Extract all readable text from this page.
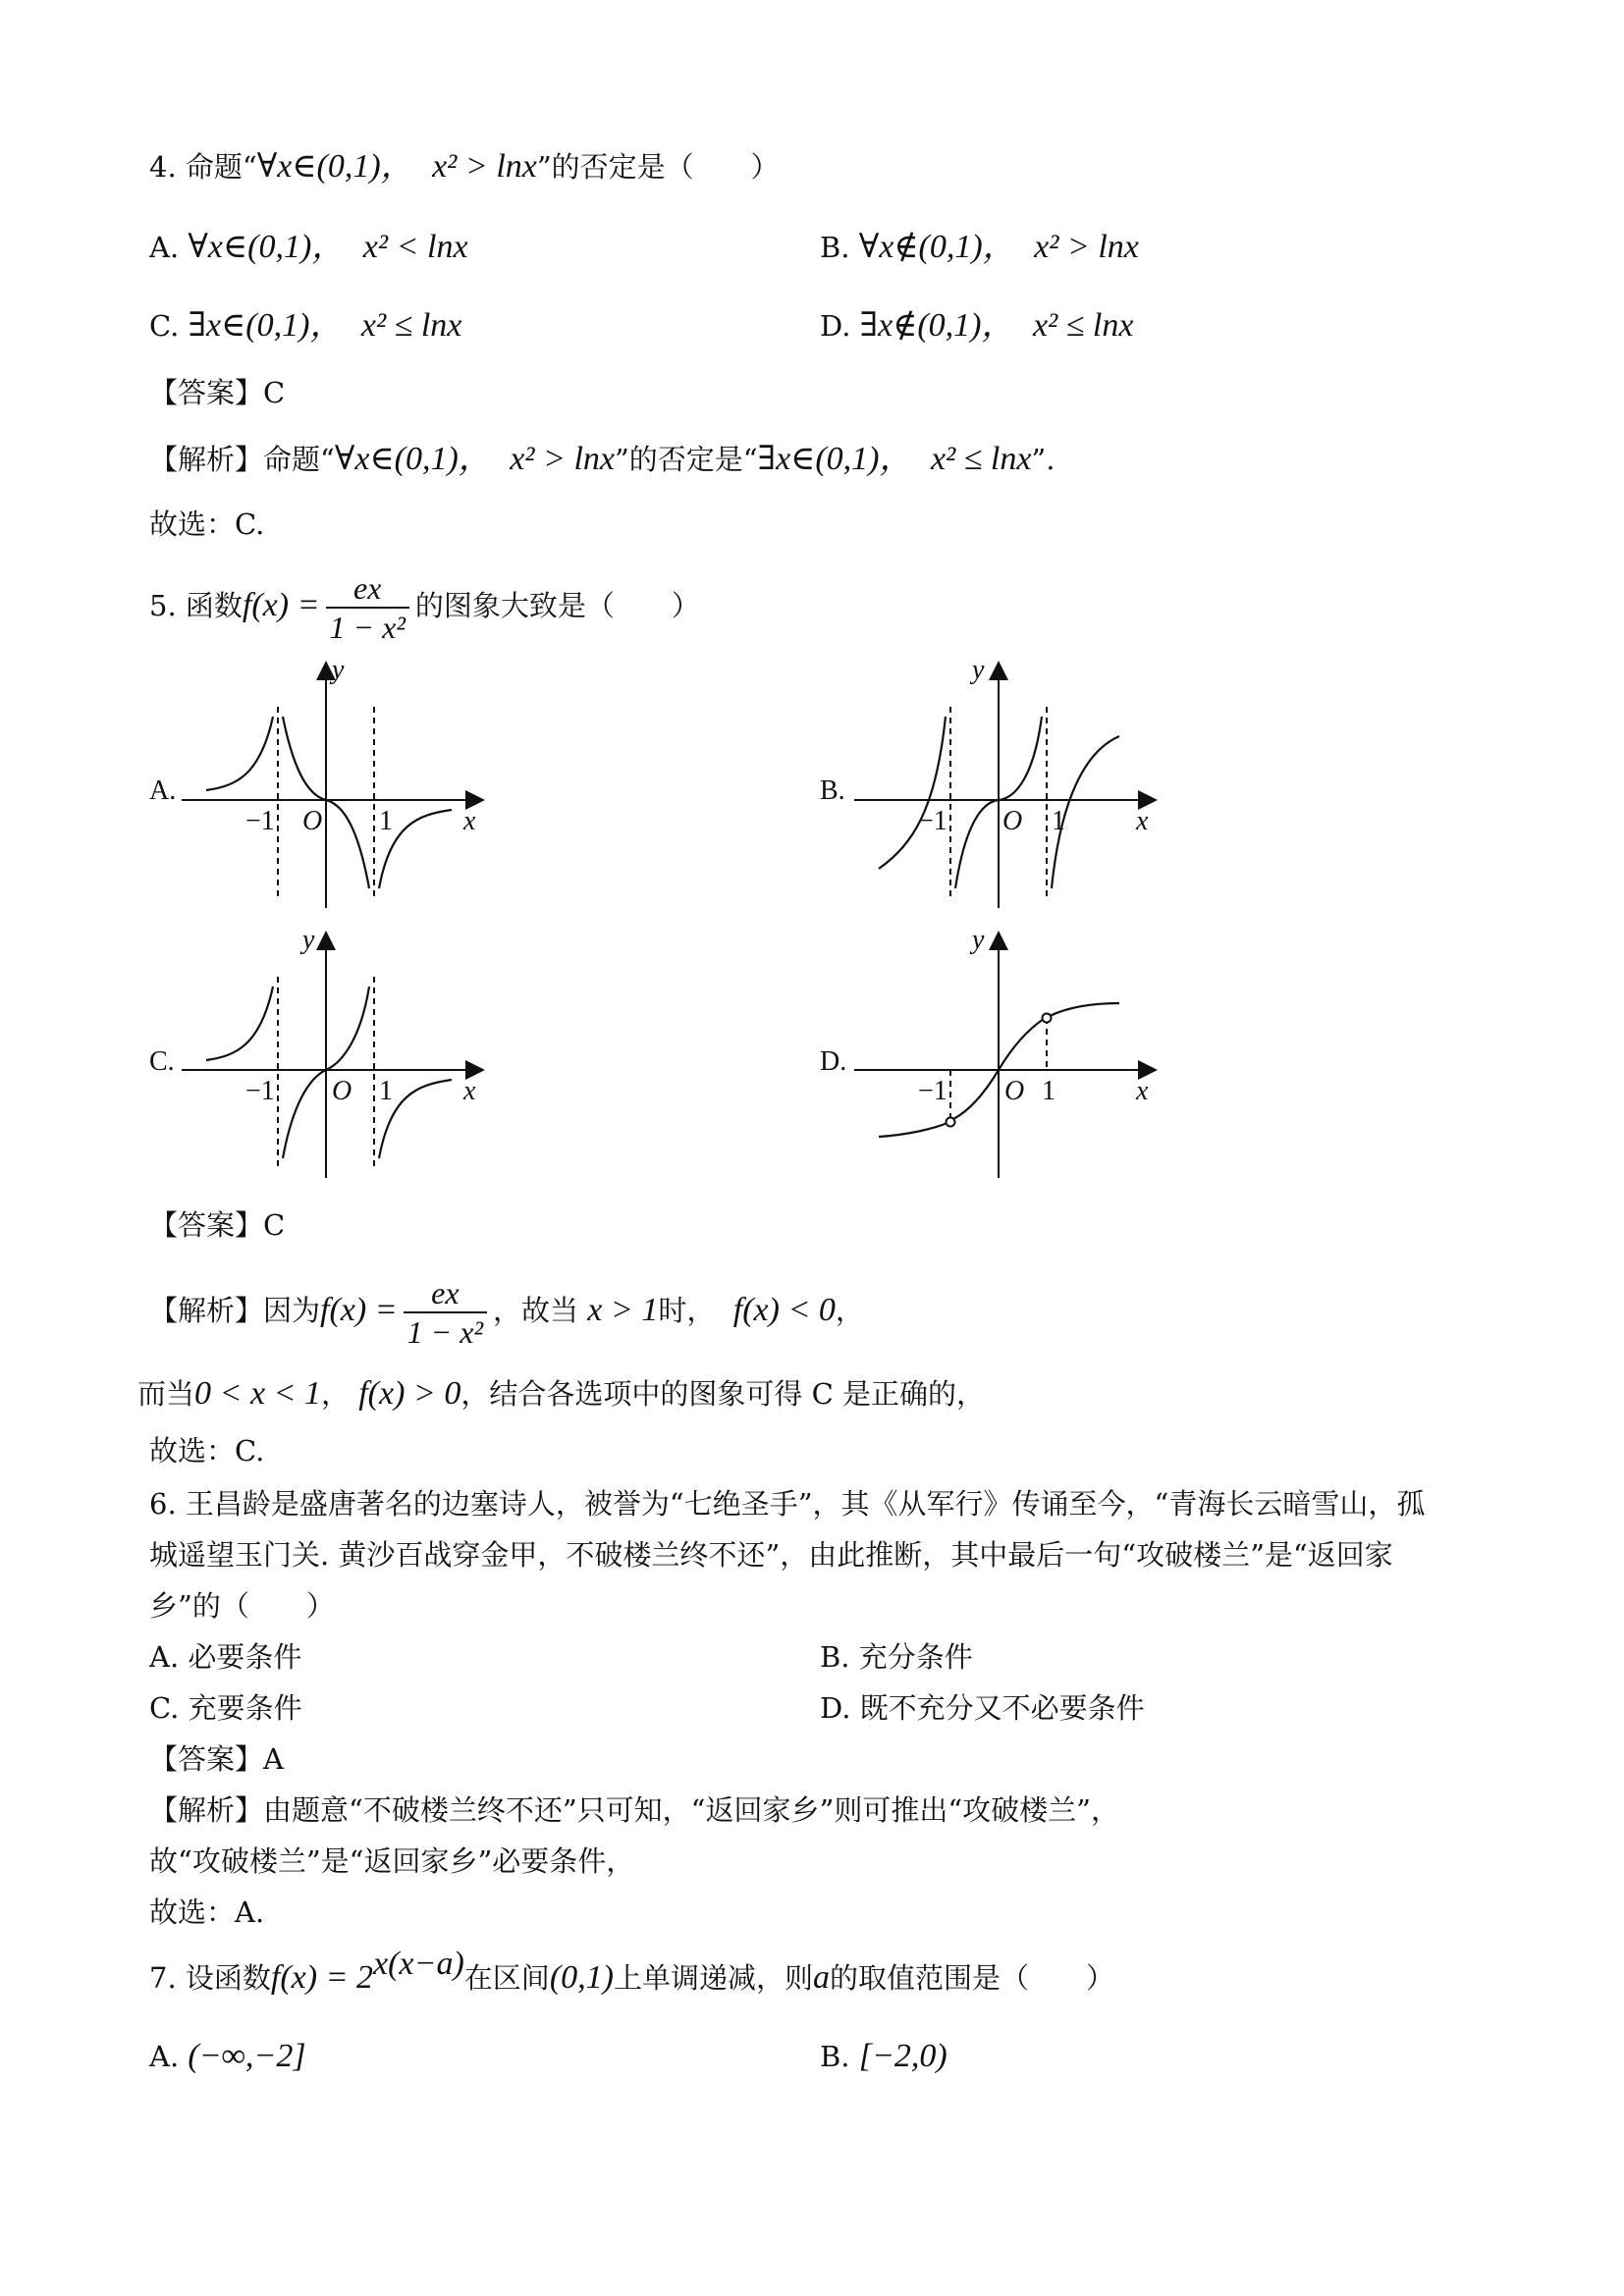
4. 命题“∀x∈(0,1)， x² > lnx”的否定是（　　）
A. ∀x∈(0,1)， x² < lnx	B. ∀x∉(0,1)， x² > lnx
C. ∃x∈(0,1)， x² ≤ lnx	D. ∃x∉(0,1)， x² ≤ lnx
【答案】C
【解析】命题“∀x∈(0,1)， x² > lnx”的否定是“∃x∈(0,1)， x² ≤ lnx”.
故选：C.
5. 函数$f(x) = \frac{ex}{\text{1 − x²}}$ 的图象大致是（　　）
A.
y
x
O
−1	1
B.
y
x
O
−1	1
C.
y
x
O
−1	1
D.
y
x
O
−1	1
【答案】C
【解析】因为$f(x) = \frac{ex}{\text{1 − x²}}$ ，故当 x > 1时， f(x) < 0，
而当0 < x < 1， f(x) > 0，结合各选项中的图象可得 C 是正确的，
故选：C.
6. 王昌龄是盛唐著名的边塞诗人，被誉为“七绝圣手”，其《从军行》传诵至今，“青海长云暗雪山，孤
城遥望玉门关. 黄沙百战穿金甲，不破楼兰终不还”，由此推断，其中最后一句“攻破楼兰”是“返回家
乡”的（　　）
A. 必要条件	B. 充分条件
C. 充要条件	D. 既不充分又不必要条件
【答案】A
【解析】由题意“不破楼兰终不还”只可知，“返回家乡”则可推出“攻破楼兰”，
故“攻破楼兰”是“返回家乡”必要条件，
故选：A.
7. 设函数$f(x) = 2^{x(x-a)}$在区间(0,1)上单调递减，则a的取值范围是（　　）
A. (−∞,−2]	B. [−2,0)
